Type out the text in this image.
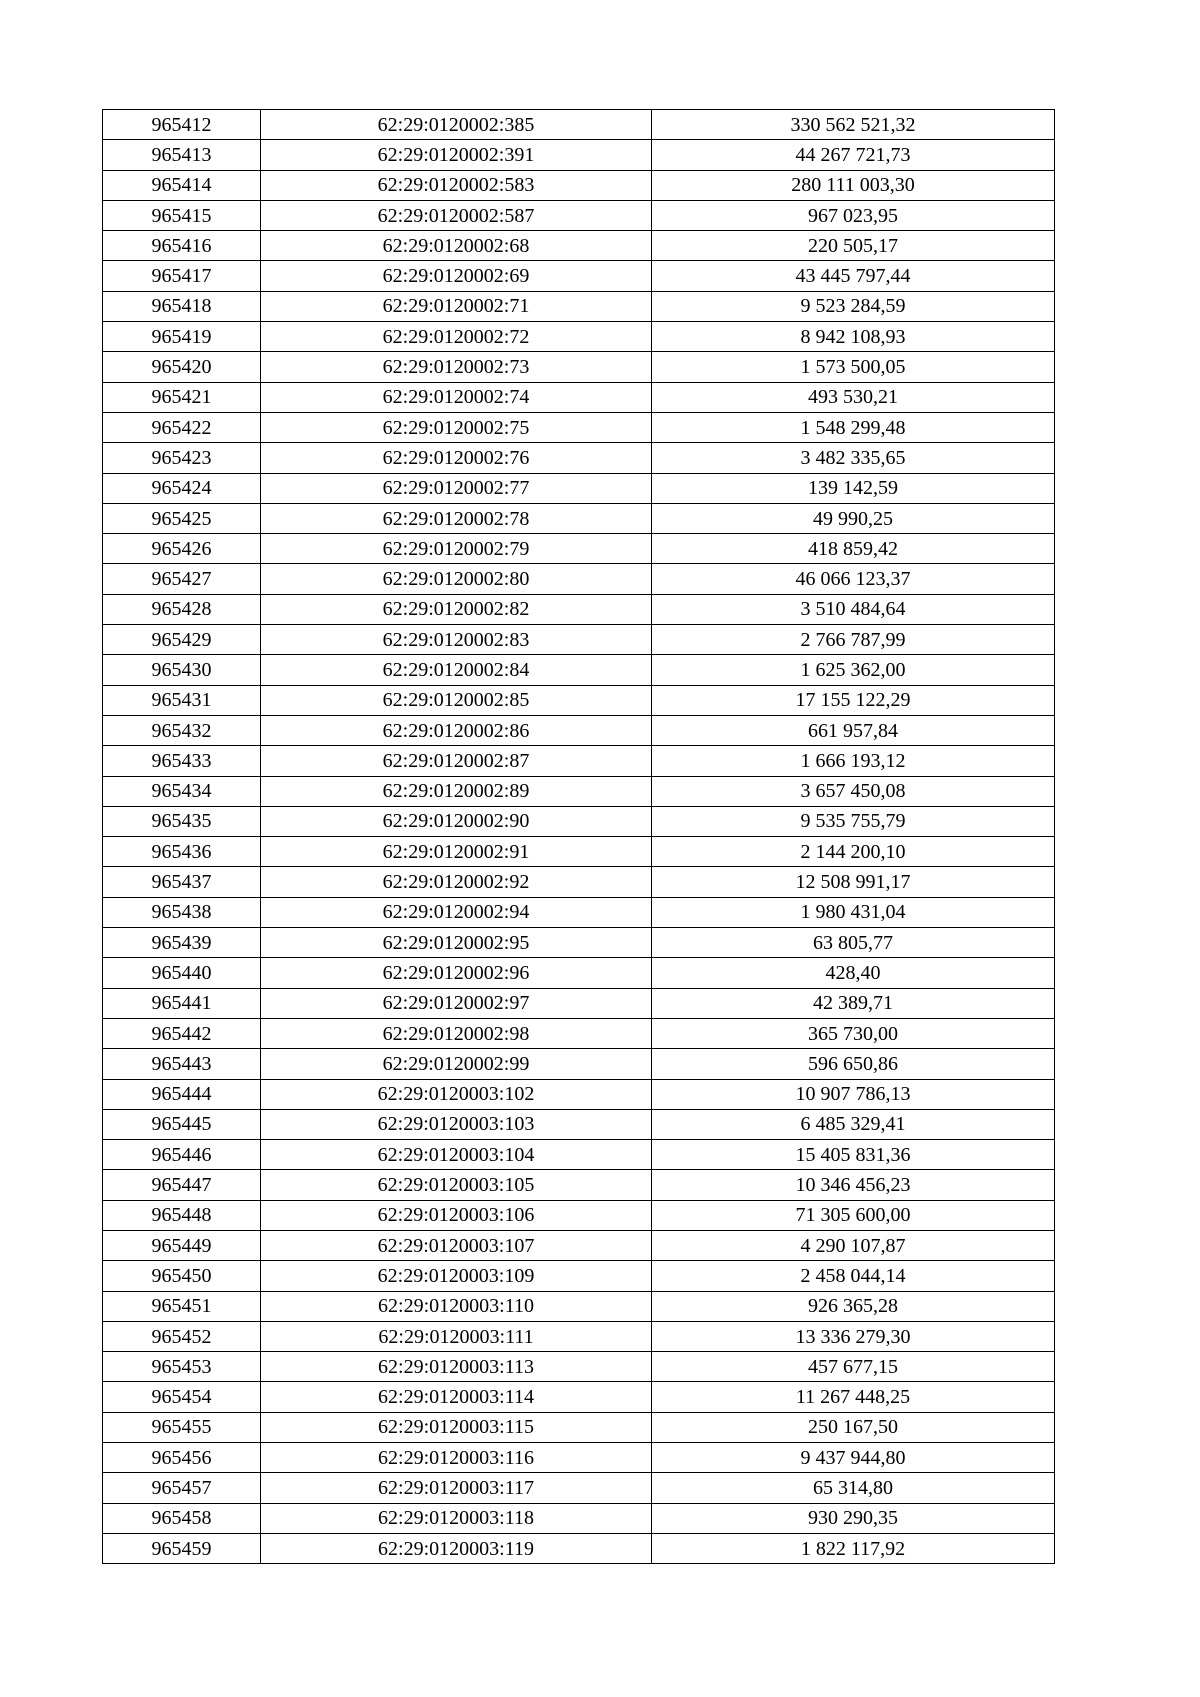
965412	62:29:0120002:385	330 562 521,32
965413	62:29:0120002:391	44 267 721,73
965414	62:29:0120002:583	280 111 003,30
965415	62:29:0120002:587	967 023,95
965416	62:29:0120002:68	220 505,17
965417	62:29:0120002:69	43 445 797,44
965418	62:29:0120002:71	9 523 284,59
965419	62:29:0120002:72	8 942 108,93
965420	62:29:0120002:73	1 573 500,05
965421	62:29:0120002:74	493 530,21
965422	62:29:0120002:75	1 548 299,48
965423	62:29:0120002:76	3 482 335,65
965424	62:29:0120002:77	139 142,59
965425	62:29:0120002:78	49 990,25
965426	62:29:0120002:79	418 859,42
965427	62:29:0120002:80	46 066 123,37
965428	62:29:0120002:82	3 510 484,64
965429	62:29:0120002:83	2 766 787,99
965430	62:29:0120002:84	1 625 362,00
965431	62:29:0120002:85	17 155 122,29
965432	62:29:0120002:86	661 957,84
965433	62:29:0120002:87	1 666 193,12
965434	62:29:0120002:89	3 657 450,08
965435	62:29:0120002:90	9 535 755,79
965436	62:29:0120002:91	2 144 200,10
965437	62:29:0120002:92	12 508 991,17
965438	62:29:0120002:94	1 980 431,04
965439	62:29:0120002:95	63 805,77
965440	62:29:0120002:96	428,40
965441	62:29:0120002:97	42 389,71
965442	62:29:0120002:98	365 730,00
965443	62:29:0120002:99	596 650,86
965444	62:29:0120003:102	10 907 786,13
965445	62:29:0120003:103	6 485 329,41
965446	62:29:0120003:104	15 405 831,36
965447	62:29:0120003:105	10 346 456,23
965448	62:29:0120003:106	71 305 600,00
965449	62:29:0120003:107	4 290 107,87
965450	62:29:0120003:109	2 458 044,14
965451	62:29:0120003:110	926 365,28
965452	62:29:0120003:111	13 336 279,30
965453	62:29:0120003:113	457 677,15
965454	62:29:0120003:114	11 267 448,25
965455	62:29:0120003:115	250 167,50
965456	62:29:0120003:116	9 437 944,80
965457	62:29:0120003:117	65 314,80
965458	62:29:0120003:118	930 290,35
965459	62:29:0120003:119	1 822 117,92
